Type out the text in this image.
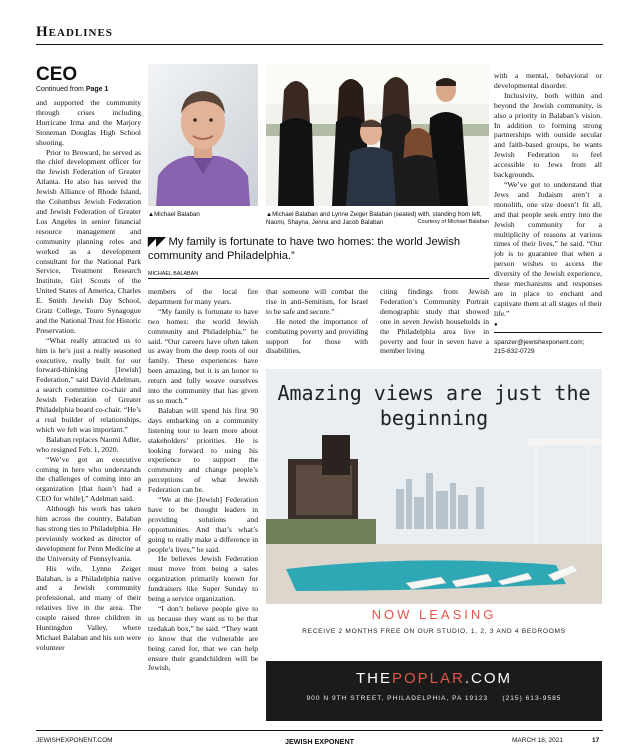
Headlines
CEO
Continued from Page 1

and supported the community through crises including Hurricane Irma and the Marjory Stoneman Douglas High School shooting.

Prior to Broward, he served as the chief development officer for the Jewish Federation of Greater Atlanta. He also has served the Jewish Alliance of Rhode Island, the Columbus Jewish Federation and Jewish Federation of Greater Los Angeles in senior financial resource management and community planning roles and worked as a development consultant for the National Park Service, Treatment Research Institute, Girl Scouts of the United States of America, Charles E. Smith Jewish Day School, Gratz College, Touro Synagogue and the National Trust for Historic Preservation.

“What really attracted us to him is he’s just a really seasoned executive, really built for our forward-thinking [Jewish] Federation,” said David Adelman, a search committee co-chair and Jewish Federation of Greater Philadelphia board co-chair. “He’s a real builder of relationships, which we felt was important.”

Balaban replaces Naomi Adler, who resigned Feb. 1, 2020.

“We’ve got an executive coming in here who understands the challenges of coming into an organization [that hasn’t had a CEO for while],” Adelman said.

Although his work has taken him across the country, Balaban has strong ties to Philadelphia. He previously worked as director of development for Penn Medicine at the University of Pennsylvania.

His wife, Lynne Zeiger Balaban, is a Philadelphia native and a Jewish community professional, and many of their relatives live in the area. The couple raised three children in Huntingdon Valley, where Michael Balaban and his son were volunteer

▲Michael Balaban	▲Michael Balaban and Lynne Zeiger Balaban (seated) with, standing from left, Naomi, Shayna, Jenna and Jacob Balaban	Courtesy of Michael Balaban
◤◤ My family is fortunate to have two homes: the world Jewish community and Philadelphia.”
MICHAEL BALABAN

members of the local fire department for many years.

“My family is fortunate to have two homes: the world Jewish community and Philadelphia,” he said. “Our careers have often taken us away from the deep roots of our family. These experiences have been amazing, but it is an honor to return and fully weave ourselves into the community that has given us so much.”

Balaban will spend his first 90 days embarking on a community listening tour to learn more about stakeholders’ priorities. He is looking forward to using his experience to support the community and change people’s perceptions of what Jewish Federation can be.

“We at the [Jewish] Federation have to be thought leaders in providing solutions and opportunities. And that’s what’s going to really make a difference in people’s lives,” he said.

He believes Jewish Federation must move from being a sales organization primarily known for fundraisers like Super Sunday to being a service organization.

“I don’t believe people give to us because they want us to be that tzedakah box,” he said. “They want to know that the vulnerable are being cared for, that we can help ensure their grandchildren will be Jewish,

that someone will combat the rise in anti-Semitism, for Israel to be safe and secure.”

He noted the importance of combating poverty and providing support for those with disabilities,

citing findings from Jewish Federation’s Community Portrait demographic study that showed one in seven Jewish households in the Philadelphia area live in poverty and four in seven have a member living

with a mental, behavioral or developmental disorder.

Inclusivity, both within and beyond the Jewish community, is also a priority in Balaban’s vision. In addition to forming strong partnerships with outside secular and faith-based groups, he wants Jewish Federation to feel accessible to Jews from all backgrounds.

“We’ve got to understand that Jews and Judaism aren’t a monolith, one size doesn’t fit all, and that people seek entry into the Jewish community for a multiplicity of reasons at various times of their lives,” he said. “Our job is to guarantee that when a person wishes to access the diversity of the Jewish experience, these mechanisms and responses are in place to enchant and captivate them at all stages of their life.”

●
spanzer@jewishexponent.com;
215-832-0729
Amazing views are just the beginning
NOW LEASING
RECEIVE 2 MONTHS FREE ON OUR STUDIO, 1, 2, 3 AND 4 BEDROOMS
THEPOPLAR.COM
900 N 9TH STREET, PHILADELPHIA, PA 19123     (215) 613-9585
JEWISHEXPONENT.COM	JEWISH EXPONENT	MARCH 18, 2021	17
